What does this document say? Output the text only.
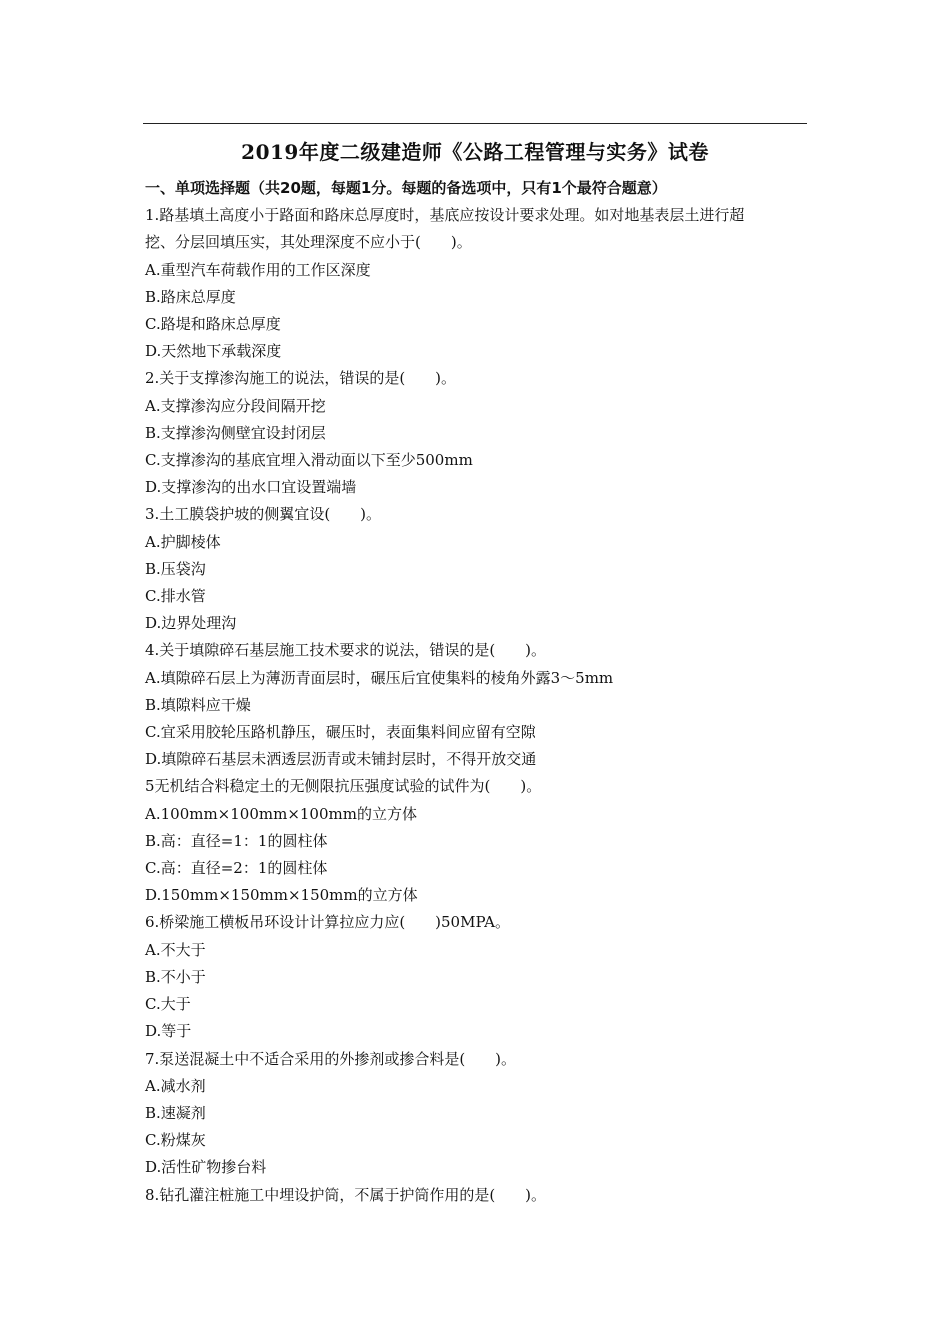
2019年度二级建造师《公路工程管理与实务》试卷
一、单项选择题（共20题，每题1分。每题的备选项中，只有1个最符合题意）
1.路基填土高度小于路面和路床总厚度时，基底应按设计要求处理。如对地基表层土进行超
挖、分层回填压实，其处理深度不应小于(　　)。
A.重型汽车荷载作用的工作区深度
B.路床总厚度
C.路堤和路床总厚度
D.天然地下承载深度
2.关于支撑渗沟施工的说法，错误的是(　　)。
A.支撑渗沟应分段间隔开挖
B.支撑渗沟侧壁宜设封闭层
C.支撑渗沟的基底宜埋入滑动面以下至少500mm
D.支撑渗沟的出水口宜设置端墙
3.土工膜袋护坡的侧翼宜设(　　)。
A.护脚棱体
B.压袋沟
C.排水管
D.边界处理沟
4.关于填隙碎石基层施工技术要求的说法，错误的是(　　)。
A.填隙碎石层上为薄沥青面层时，碾压后宜使集料的棱角外露3～5mm
B.填隙料应干燥
C.宜采用胶轮压路机静压，碾压时，表面集料间应留有空隙
D.填隙碎石基层未洒透层沥青或未铺封层时，不得开放交通
5无机结合料稳定土的无侧限抗压强度试验的试件为(　　)。
A.100mm×100mm×100mm的立方体
B.高：直径=1：1的圆柱体
C.高：直径=2：1的圆柱体
D.150mm×150mm×150mm的立方体
6.桥梁施工横板吊环设计计算拉应力应(　　)50MPA。
A.不大于
B.不小于
C.大于
D.等于
7.泵送混凝土中不适合采用的外掺剂或掺合料是(　　)。
A.减水剂
B.速凝剂
C.粉煤灰
D.活性矿物掺台料
8.钻孔灌注桩施工中埋设护筒，不属于护筒作用的是(　　)。
